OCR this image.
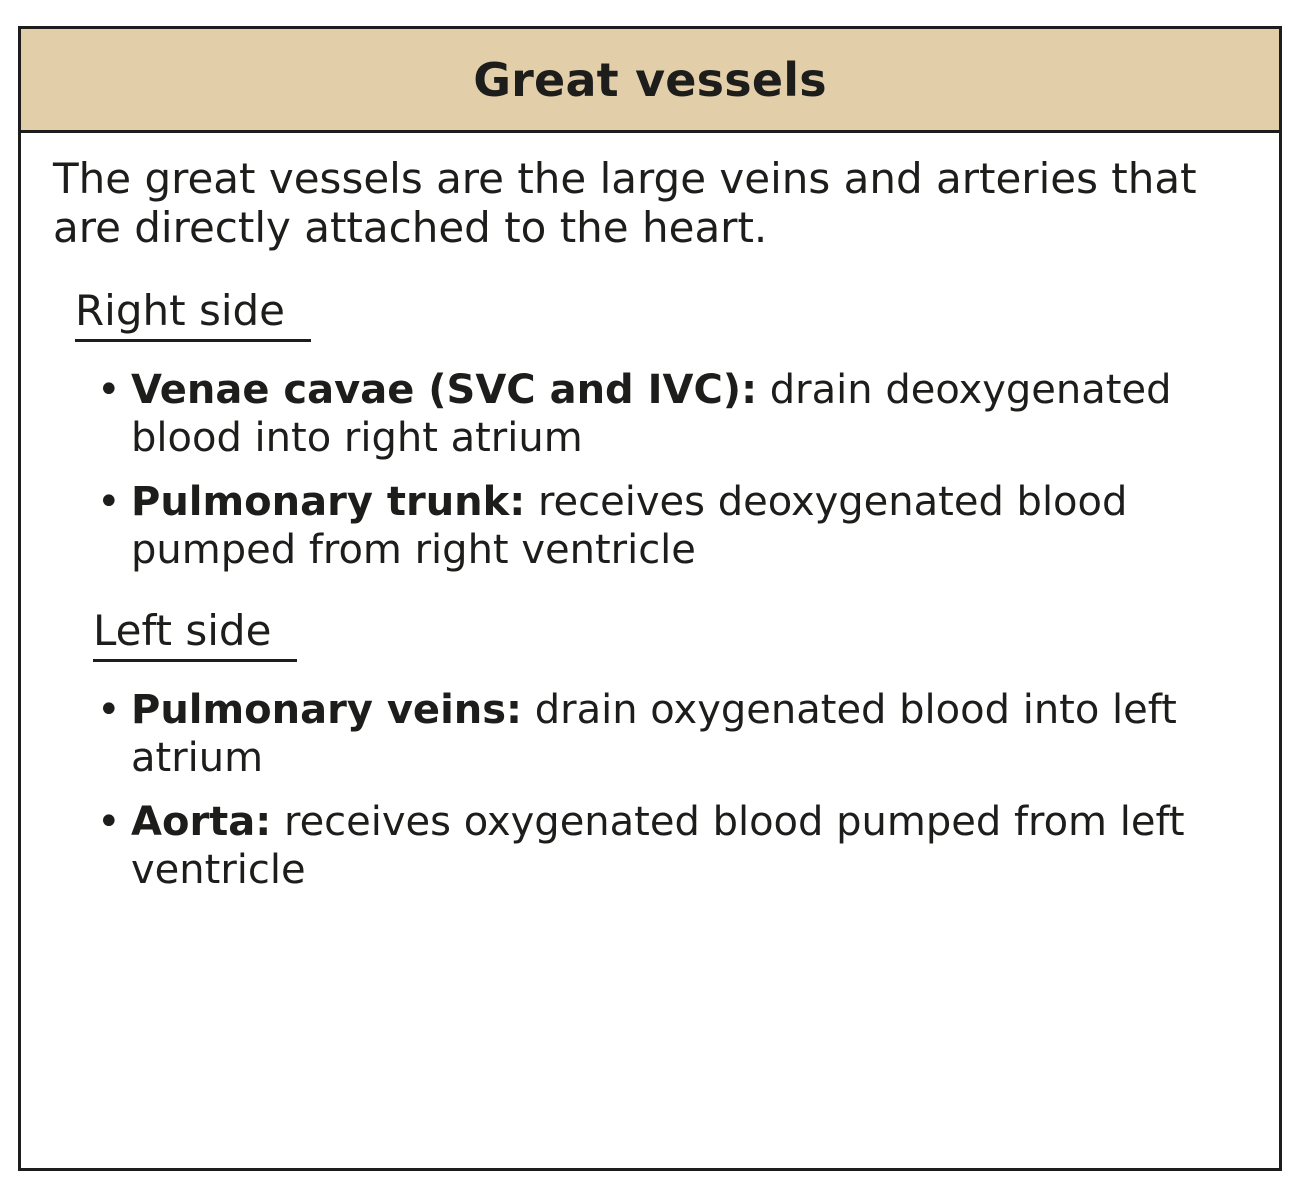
Great vessels

The great vessels are the large veins and arteries that are directly attached to the heart.

Right side
• Venae cavae (SVC and IVC): drain deoxygenated blood into right atrium
• Pulmonary trunk: receives deoxygenated blood pumped from right ventricle
Left side
• Pulmonary veins: drain oxygenated blood into left atrium
• Aorta: receives oxygenated blood pumped from left ventricle
